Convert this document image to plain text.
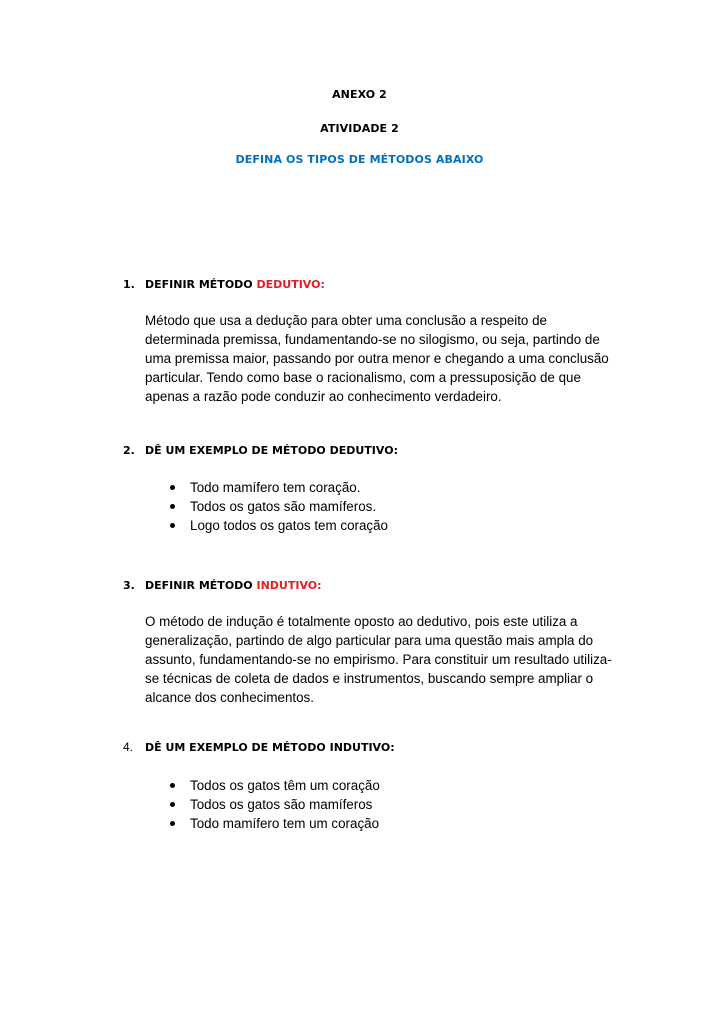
ANEXO 2
ATIVIDADE 2
DEFINA OS TIPOS DE MÉTODOS ABAIXO
1. DEFINIR MÉTODO DEDUTIVO:

Método que usa a dedução para obter uma conclusão a respeito de determinada premissa, fundamentando-se no silogismo, ou seja, partindo de uma premissa maior, passando por outra menor e chegando a uma conclusão particular. Tendo como base o racionalismo, com a pressuposição de que apenas a razão pode conduzir ao conhecimento verdadeiro.

2. DÊ UM EXEMPLO DE MÉTODO DEDUTIVO:
Todo mamífero tem coração.
Todos os gatos são mamíferos.
Logo todos os gatos tem coração
3. DEFINIR MÉTODO INDUTIVO:

O método de indução é totalmente oposto ao dedutivo, pois este utiliza a generalização, partindo de algo particular para uma questão mais ampla do assunto, fundamentando-se no empirismo. Para constituir um resultado utiliza-se técnicas de coleta de dados e instrumentos, buscando sempre ampliar o alcance dos conhecimentos.

4. DÊ UM EXEMPLO DE MÉTODO INDUTIVO:
Todos os gatos têm um coração
Todos os gatos são mamíferos
Todo mamífero tem um coração
